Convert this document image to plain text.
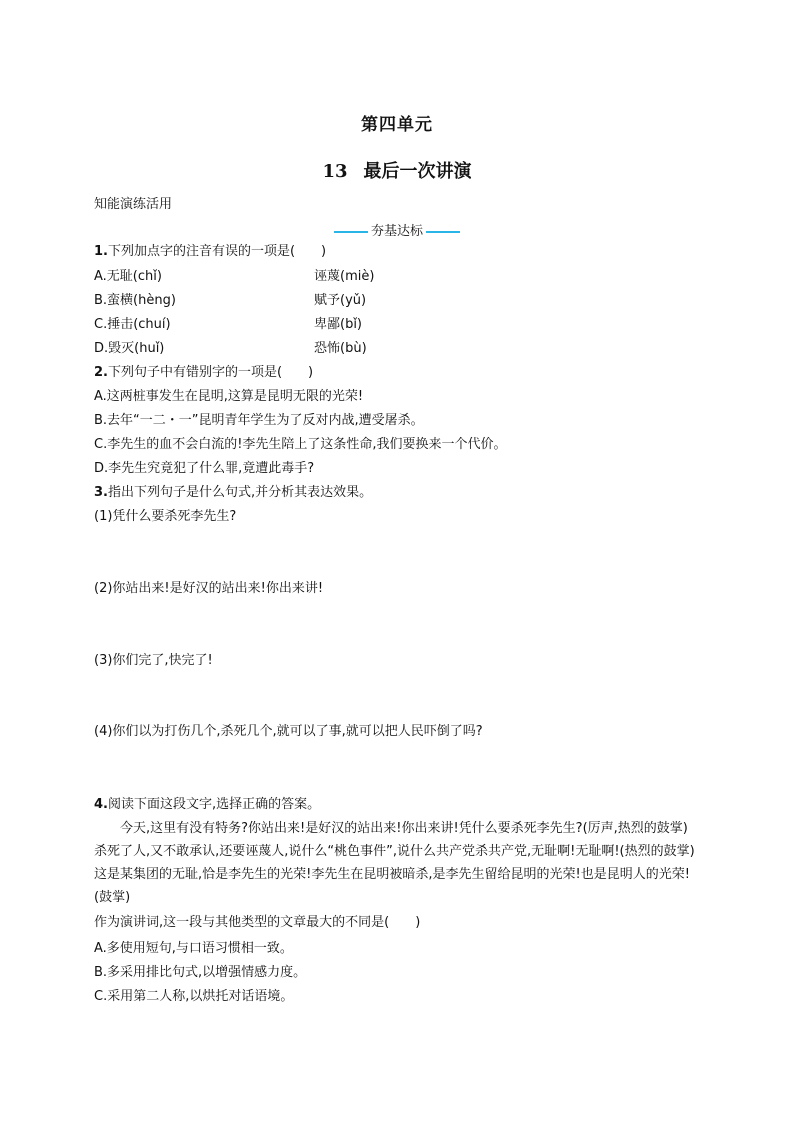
第四单元
13 最后一次讲演
知能演练活用
夯基达标
1.下列加点字的注音有误的一项是(　　)
A.无耻(chǐ)	诬蔑(miè)
B.蛮横(hèng)	赋予(yǔ)
C.捶击(chuí)	卑鄙(bǐ)
D.毁灭(huǐ)	恐怖(bù)
2.下列句子中有错别字的一项是(　　)
A.这两桩事发生在昆明,这算是昆明无限的光荣!
B.去年“一二・一”昆明青年学生为了反对内战,遭受屠杀。
C.李先生的血不会白流的!李先生陪上了这条性命,我们要换来一个代价。
D.李先生究竟犯了什么罪,竟遭此毒手?
3.指出下列句子是什么句式,并分析其表达效果。
(1)凭什么要杀死李先生?
(2)你站出来!是好汉的站出来!你出来讲!
(3)你们完了,快完了!
(4)你们以为打伤几个,杀死几个,就可以了事,就可以把人民吓倒了吗?
4.阅读下面这段文字,选择正确的答案。
今天,这里有没有特务?你站出来!是好汉的站出来!你出来讲!凭什么要杀死李先生?(厉声,热烈的鼓掌)杀死了人,又不敢承认,还要诬蔑人,说什么“桃色事件”,说什么共产党杀共产党,无耻啊!无耻啊!(热烈的鼓掌)这是某集团的无耻,恰是李先生的光荣!李先生在昆明被暗杀,是李先生留给昆明的光荣!也是昆明人的光荣!(鼓掌)
作为演讲词,这一段与其他类型的文章最大的不同是(　　)
A.多使用短句,与口语习惯相一致。
B.多采用排比句式,以增强情感力度。
C.采用第二人称,以烘托对话语境。
